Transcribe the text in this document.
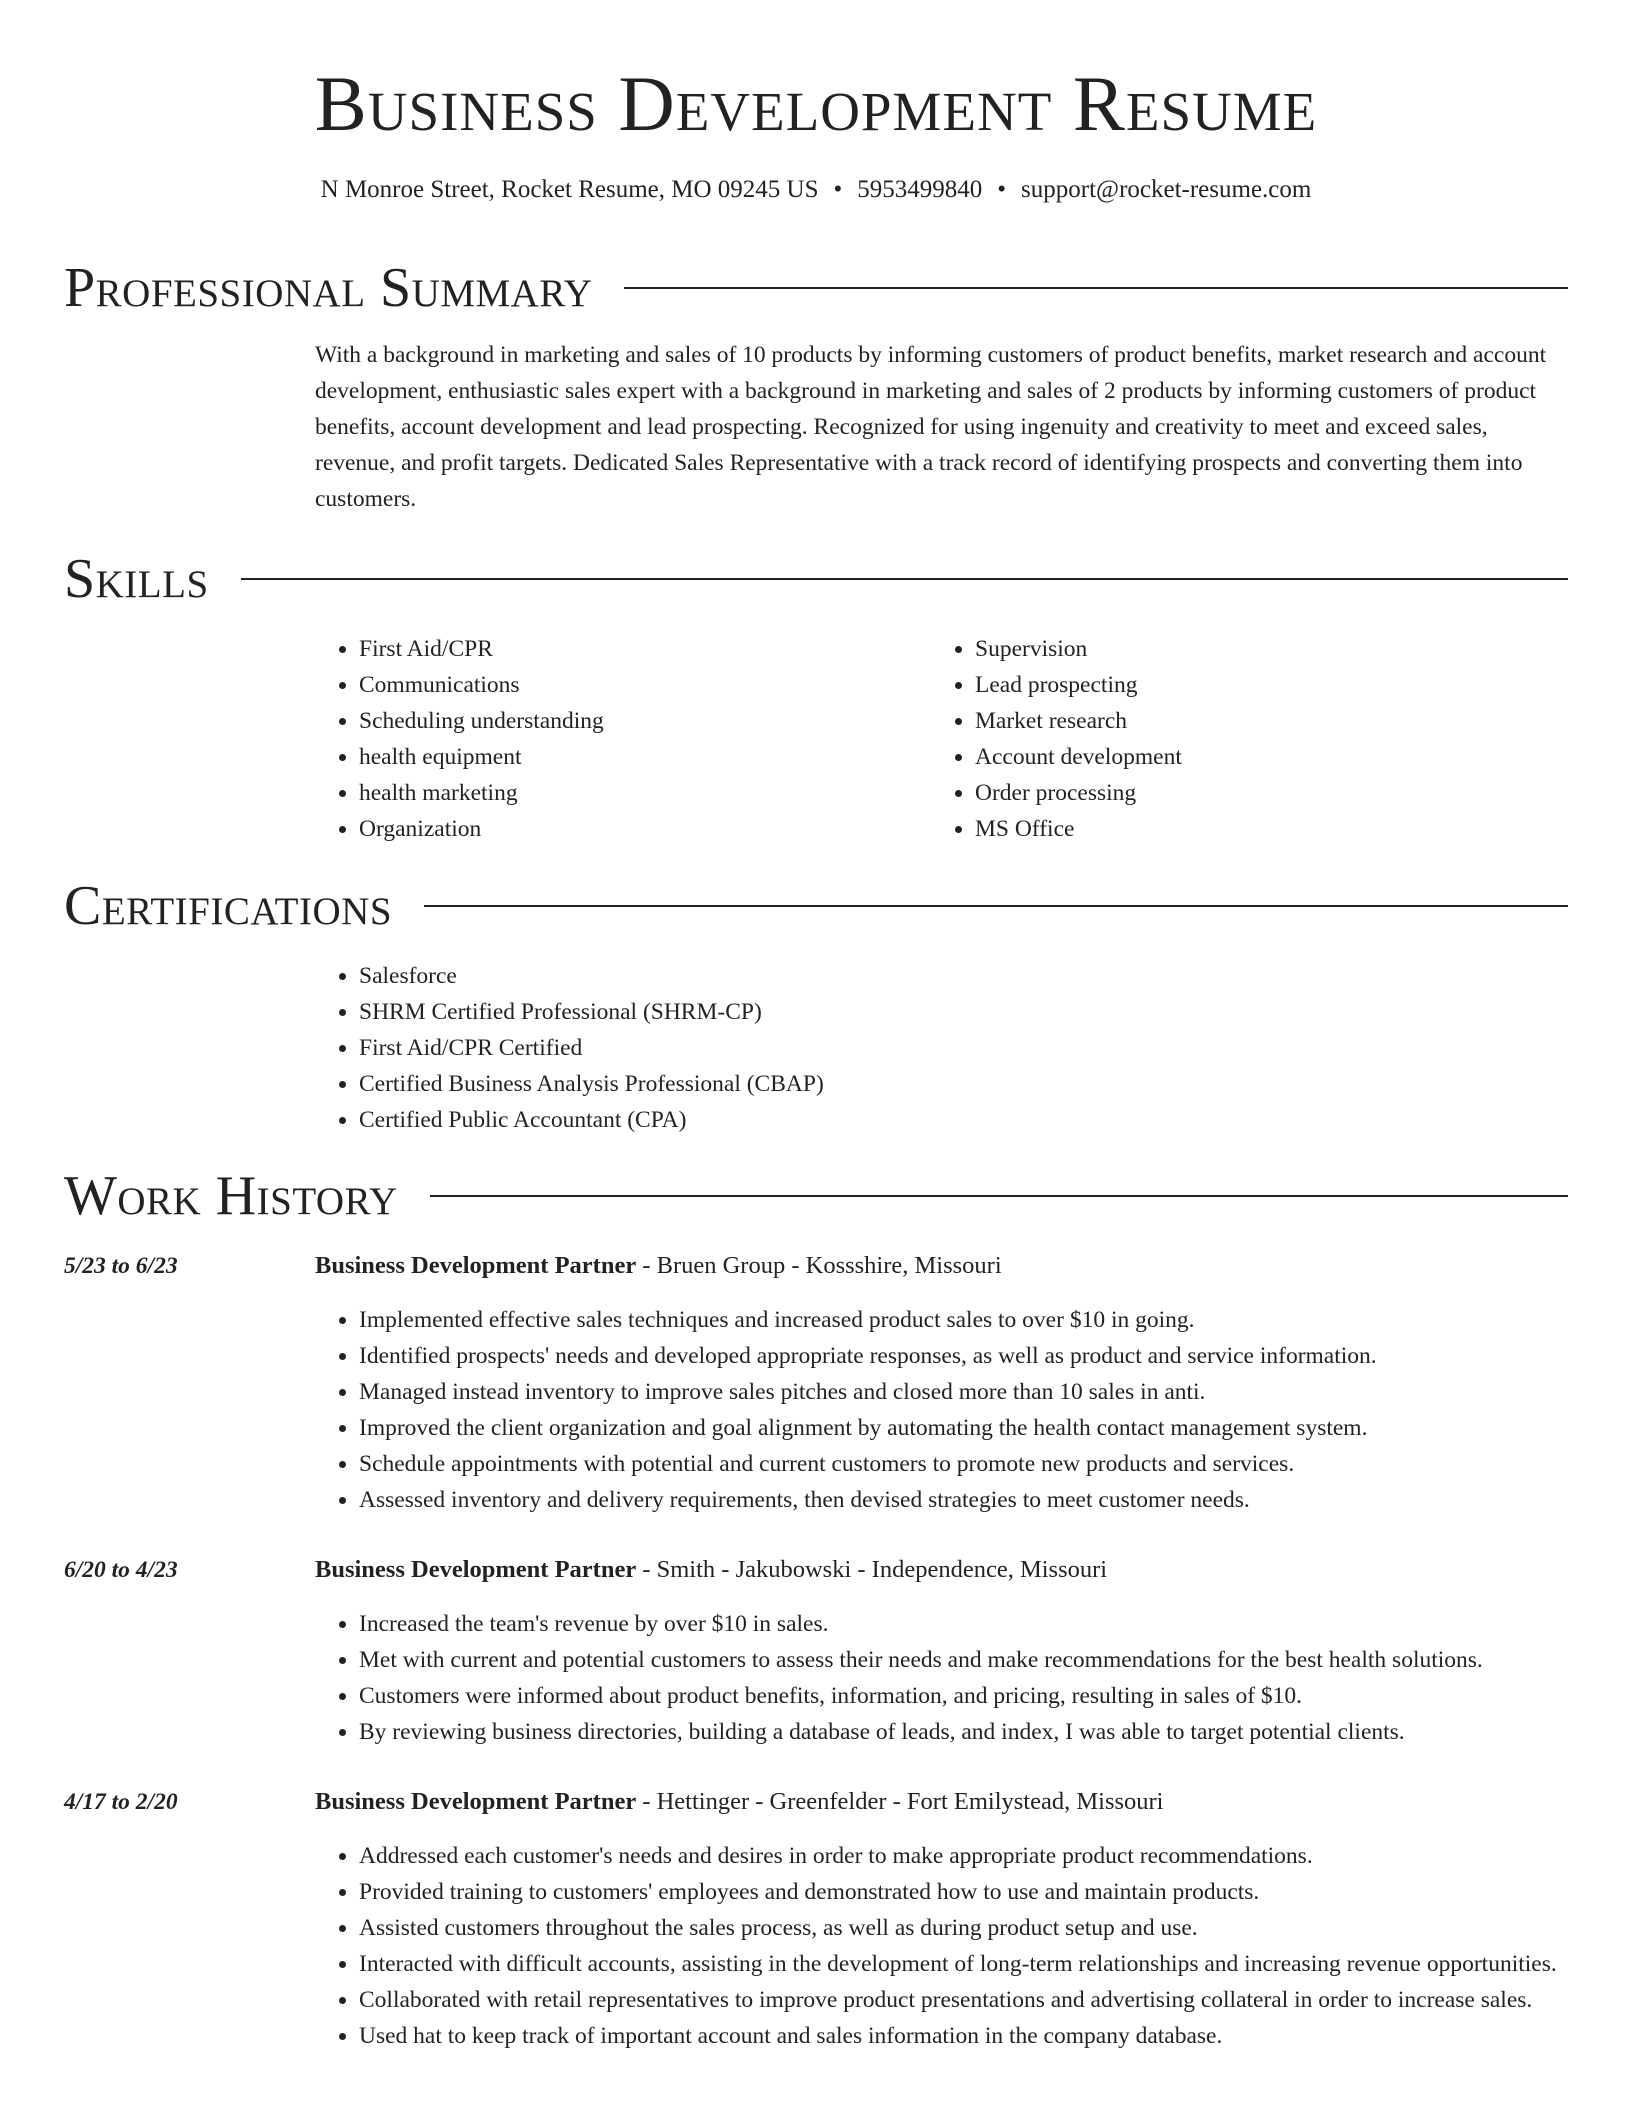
Business Development Resume
N Monroe Street, Rocket Resume, MO 09245 US • 5953499840 • support@rocket-resume.com
Professional Summary

With a background in marketing and sales of 10 products by informing customers of product benefits, market research and account development, enthusiastic sales expert with a background in marketing and sales of 2 products by informing customers of product benefits, account development and lead prospecting. Recognized for using ingenuity and creativity to meet and exceed sales, revenue, and profit targets. Dedicated Sales Representative with a track record of identifying prospects and converting them into customers.

Skills
• First Aid/CPR
• Communications
• Scheduling understanding
• health equipment
• health marketing
• Organization
• Supervision
• Lead prospecting
• Market research
• Account development
• Order processing
• MS Office
Certifications
• Salesforce
• SHRM Certified Professional (SHRM-CP)
• First Aid/CPR Certified
• Certified Business Analysis Professional (CBAP)
• Certified Public Accountant (CPA)
Work History
5/23 to 6/23	Business Development Partner - Bruen Group - Kossshire, Missouri
• Implemented effective sales techniques and increased product sales to over $10 in going.
• Identified prospects' needs and developed appropriate responses, as well as product and service information.
• Managed instead inventory to improve sales pitches and closed more than 10 sales in anti.
• Improved the client organization and goal alignment by automating the health contact management system.
• Schedule appointments with potential and current customers to promote new products and services.
• Assessed inventory and delivery requirements, then devised strategies to meet customer needs.
6/20 to 4/23	Business Development Partner - Smith - Jakubowski - Independence, Missouri
• Increased the team's revenue by over $10 in sales.
• Met with current and potential customers to assess their needs and make recommendations for the best health solutions.
• Customers were informed about product benefits, information, and pricing, resulting in sales of $10.
• By reviewing business directories, building a database of leads, and index, I was able to target potential clients.
4/17 to 2/20	Business Development Partner - Hettinger - Greenfelder - Fort Emilystead, Missouri
• Addressed each customer's needs and desires in order to make appropriate product recommendations.
• Provided training to customers' employees and demonstrated how to use and maintain products.
• Assisted customers throughout the sales process, as well as during product setup and use.
• Interacted with difficult accounts, assisting in the development of long-term relationships and increasing revenue opportunities.
• Collaborated with retail representatives to improve product presentations and advertising collateral in order to increase sales.
• Used hat to keep track of important account and sales information in the company database.
